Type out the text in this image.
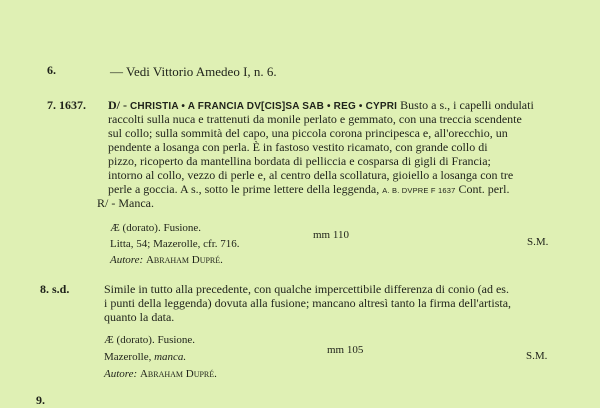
6.	— Vedi Vittorio Amedeo I, n. 6.
7. 1637. D/ - CHRISTIA • A FRANCIA DV[CIS]SA SAB • REG • CYPRI Busto a s., i capelli ondulati
raccolti sulla nuca e trattenuti da monile perlato e gemmato, con una treccia scendente
sul collo; sulla sommità del capo, una piccola corona principesca e, all'orecchio, un
pendente a losanga con perla. È in fastoso vestito ricamato, con grande collo di
pizzo, ricoperto da mantellina bordata di pelliccia e cosparsa di gigli di Francia;
intorno al collo, vezzo di perle e, al centro della scollatura, gioiello a losanga con tre
perle a goccia. A s., sotto le prime lettere della leggenda, A. B. DVPRE F 1637 Cont. perl.
R/ - Manca.
Æ (dorato). Fusione.
mm 110
S.M.
Litta, 54; Mazerolle, cfr. 716.
Autore: Abraham Dupré.
8. s.d.	Simile in tutto alla precedente, con qualche impercettibile differenza di conio (ad es.
i punti della leggenda) dovuta alla fusione; mancano altresì tanto la firma dell'artista,
quanto la data.
Æ (dorato). Fusione.
mm 105	S.M.
Mazerolle, manca.
Autore: Abraham Dupré.
9.
